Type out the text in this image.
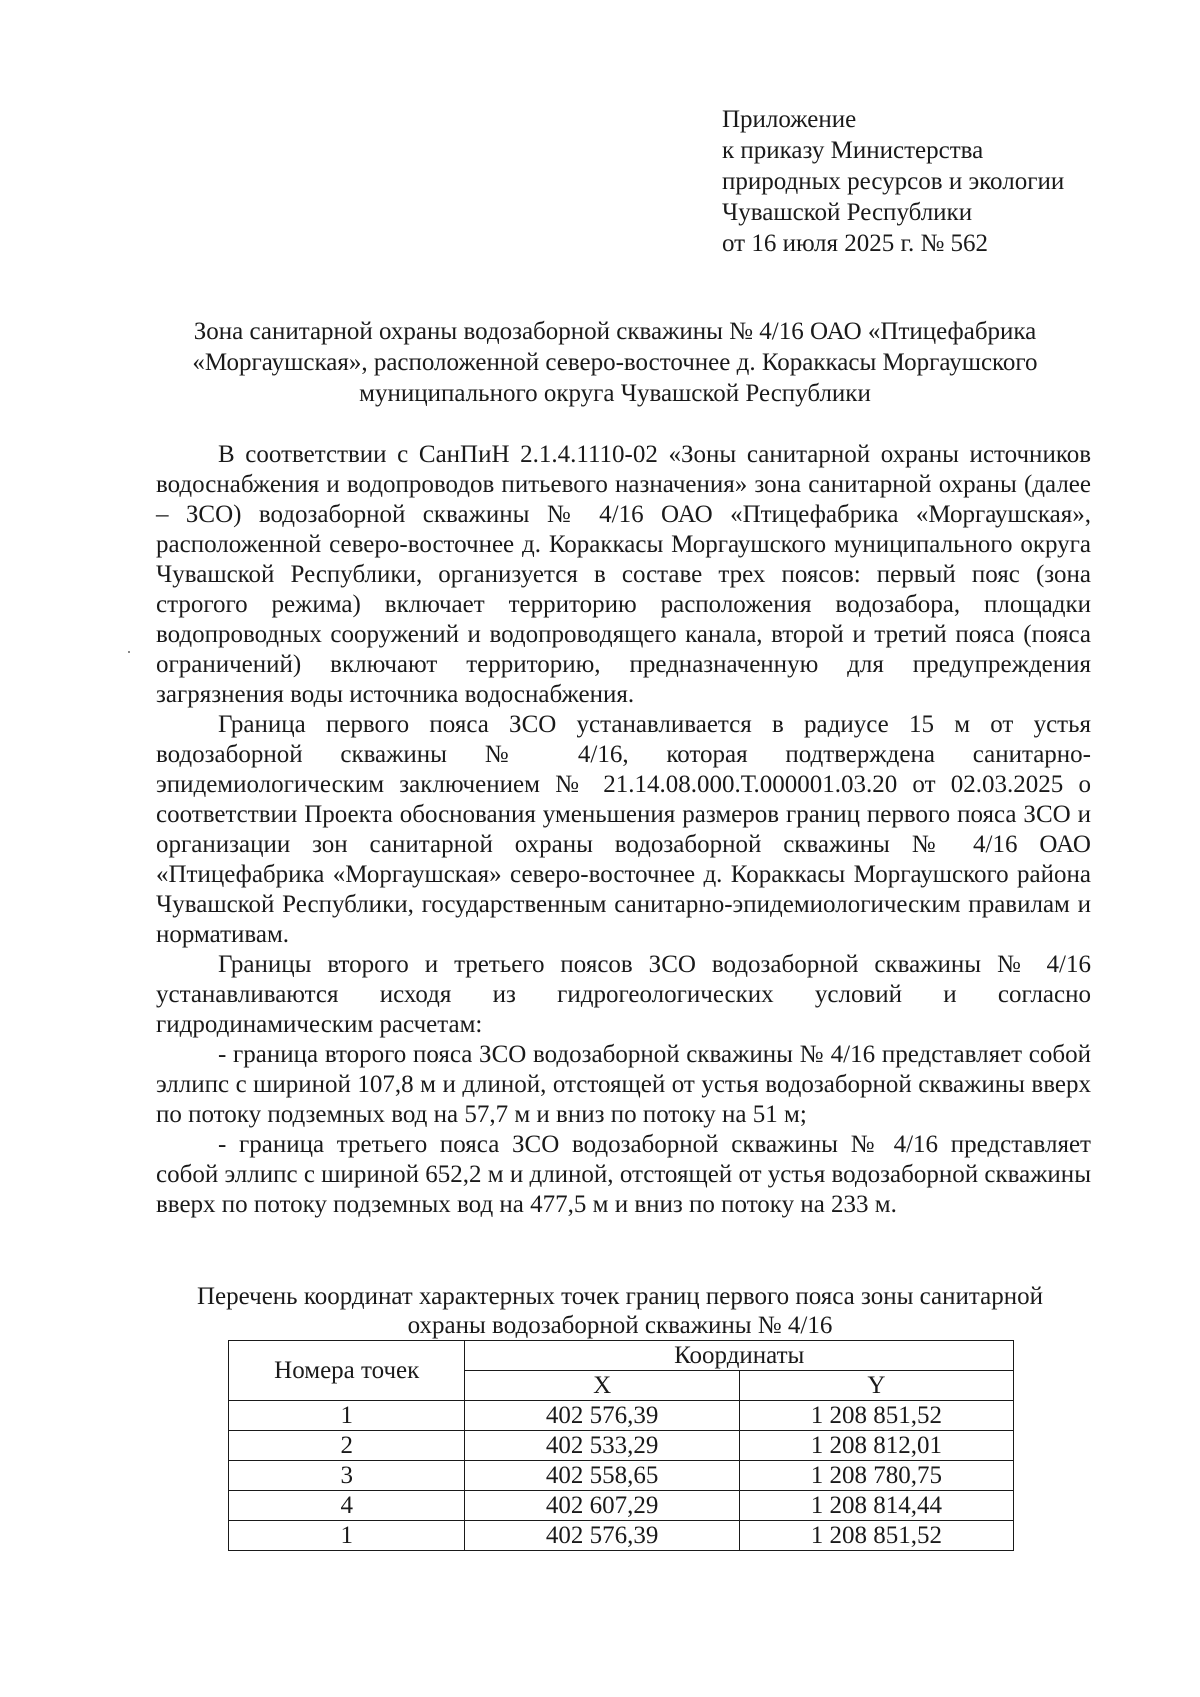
Приложение
к приказу Министерства
природных ресурсов и экологии
Чувашской Республики
от 16 июля 2025 г. № 562
Зона санитарной охраны водозаборной скважины № 4/16 ОАО «Птицефабрика «Моргаушская», расположенной северо-восточнее д. Кораккасы Моргаушского муниципального округа Чувашской Республики

В соответствии с СанПиН 2.1.4.1110-02 «Зоны санитарной охраны источников водоснабжения и водопроводов питьевого назначения» зона санитарной охраны (далее – ЗСО) водозаборной скважины № 4/16 ОАО «Птицефабрика «Моргаушская», расположенной северо-восточнее д. Кораккасы Моргаушского муниципального округа Чувашской Республики, организуется в составе трех поясов: первый пояс (зона строгого режима) включает территорию расположения водозабора, площадки водопроводных сооружений и водопроводящего канала, второй и третий пояса (пояса ограничений) включают территорию, предназначенную для предупреждения загрязнения воды источника водоснабжения.

Граница первого пояса ЗСО устанавливается в радиусе 15 м от устья водозаборной скважины № 4/16, которая подтверждена санитарно-эпидемиологическим заключением № 21.14.08.000.Т.000001.03.20 от 02.03.2025 о соответствии Проекта обоснования уменьшения размеров границ первого пояса ЗСО и организации зон санитарной охраны водозаборной скважины № 4/16 ОАО «Птицефабрика «Моргаушская» северо-восточнее д. Кораккасы Моргаушского района Чувашской Республики, государственным санитарно-эпидемиологическим правилам и нормативам.

Границы второго и третьего поясов ЗСО водозаборной скважины № 4/16 устанавливаются исходя из гидрогеологических условий и согласно гидродинамическим расчетам:

- граница второго пояса ЗСО водозаборной скважины № 4/16 представляет собой эллипс с шириной 107,8 м и длиной, отстоящей от устья водозаборной скважины вверх по потоку подземных вод на 57,7 м и вниз по потоку на 51 м;

- граница третьего пояса ЗСО водозаборной скважины № 4/16 представляет собой эллипс с шириной 652,2 м и длиной, отстоящей от устья водозаборной скважины вверх по потоку подземных вод на 477,5 м и вниз по потоку на 233 м.

Перечень координат характерных точек границ первого пояса зоны санитарной охраны водозаборной скважины № 4/16
Номера точек	Координаты	
	X	Y
1	402 576,39	1 208 851,52
2	402 533,29	1 208 812,01
3	402 558,65	1 208 780,75
4	402 607,29	1 208 814,44
1	402 576,39	1 208 851,52
